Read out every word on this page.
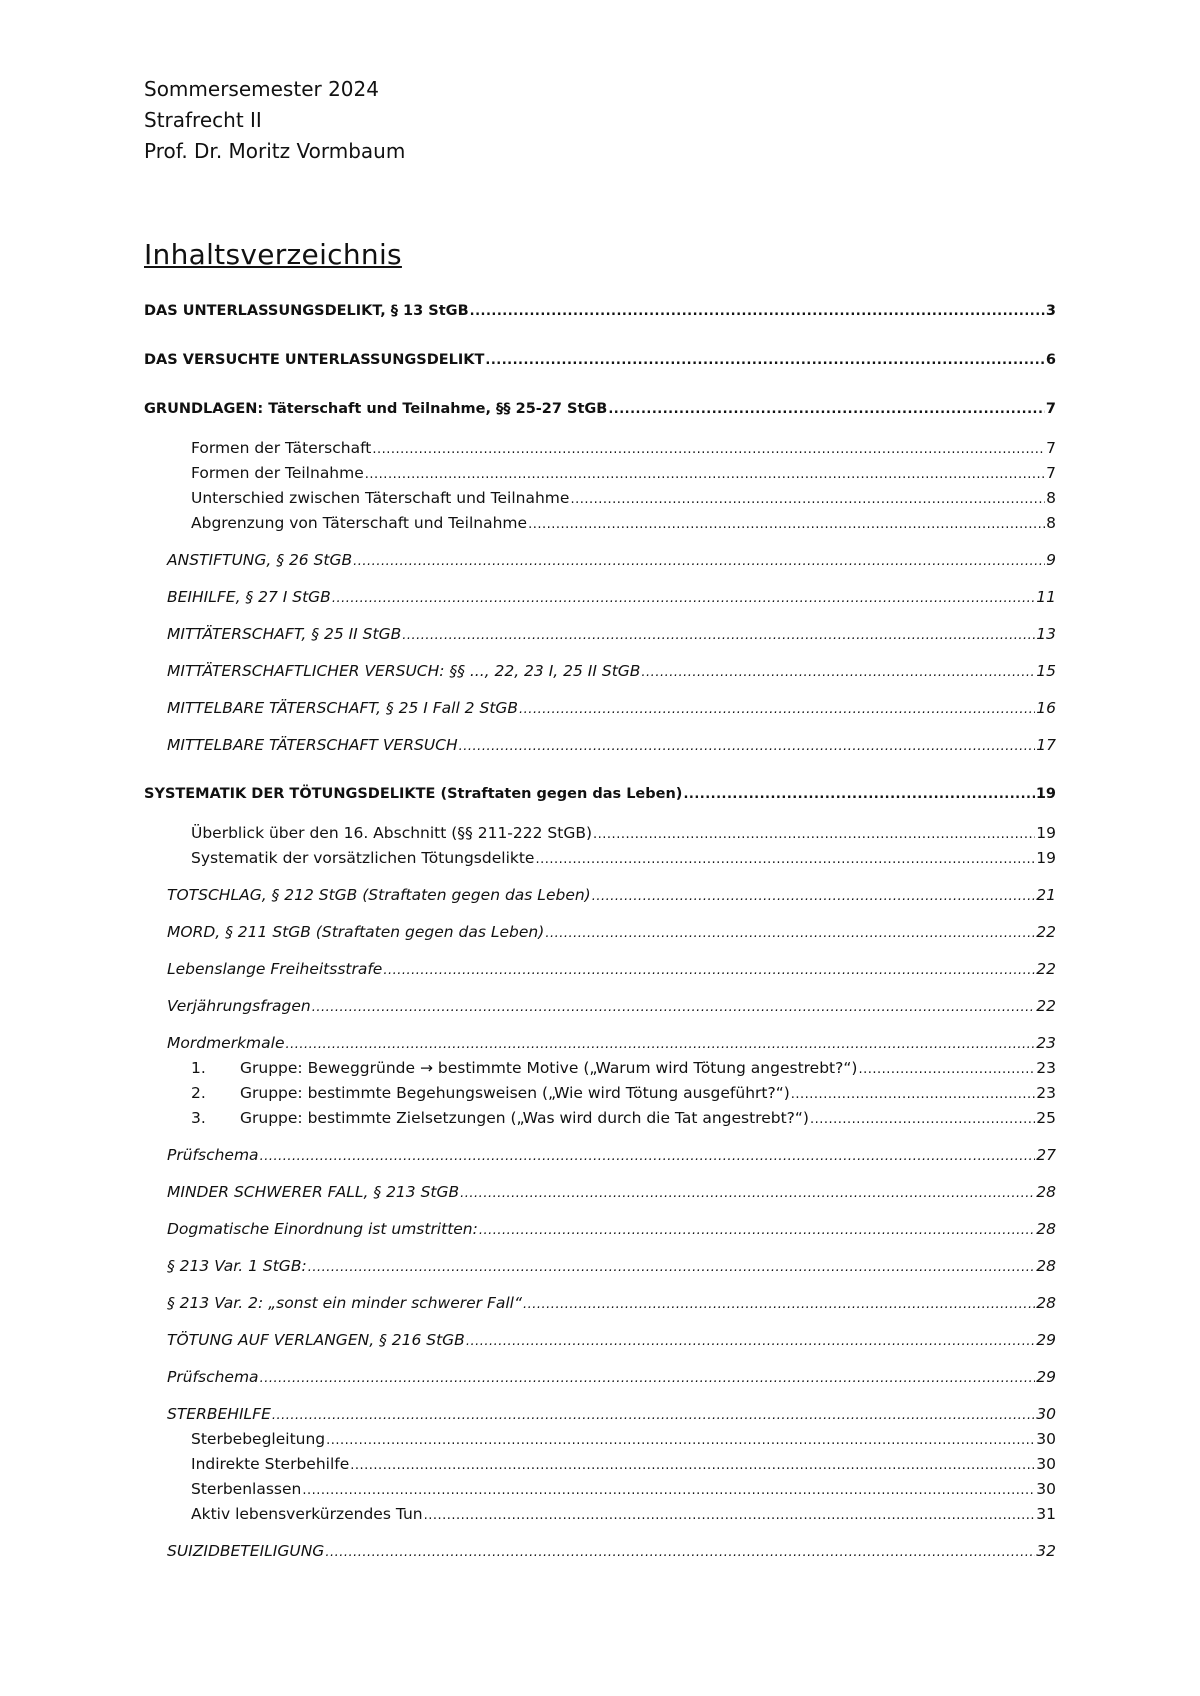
Sommersemester 2024
Strafrecht II
Prof. Dr. Moritz Vormbaum
Inhaltsverzeichnis
DAS UNTERLASSUNGSDELIKT, § 13 StGB .....	3
DAS VERSUCHTE UNTERLASSUNGSDELIKT .....	6
GRUNDLAGEN: Täterschaft und Teilnahme, §§ 25-27 StGB .....	7
Formen der Täterschaft .....	7
Formen der Teilnahme .....	7
Unterschied zwischen Täterschaft und Teilnahme .....	8
Abgrenzung von Täterschaft und Teilnahme .....	8
ANSTIFTUNG, § 26 StGB .....	9
BEIHILFE, § 27 I StGB .....	11
MITTÄTERSCHAFT, § 25 II StGB .....	13
MITTÄTERSCHAFTLICHER VERSUCH: §§ ..., 22, 23 I, 25 II StGB .....	15
MITTELBARE TÄTERSCHAFT, § 25 I Fall 2 StGB .....	16
MITTELBARE TÄTERSCHAFT VERSUCH .....	17
SYSTEMATIK DER TÖTUNGSDELIKTE (Straftaten gegen das Leben) .....	19
Überblick über den 16. Abschnitt (§§ 211-222 StGB) .....	19
Systematik der vorsätzlichen Tötungsdelikte .....	19
TOTSCHLAG, § 212 StGB (Straftaten gegen das Leben) .....	21
MORD, § 211 StGB (Straftaten gegen das Leben) .....	22
Lebenslange Freiheitsstrafe .....	22
Verjährungsfragen .....	22
Mordmerkmale .....	23
1. Gruppe: Beweggründe → bestimmte Motive („Warum wird Tötung angestrebt?“) .....	23
2. Gruppe: bestimmte Begehungsweisen („Wie wird Tötung ausgeführt?“) .....	23
3. Gruppe: bestimmte Zielsetzungen („Was wird durch die Tat angestrebt?“) .....	25
Prüfschema .....	27
MINDER SCHWERER FALL, § 213 StGB .....	28
Dogmatische Einordnung ist umstritten: .....	28
§ 213 Var. 1 StGB: .....	28
§ 213 Var. 2: „sonst ein minder schwerer Fall“ .....	28
TÖTUNG AUF VERLANGEN, § 216 StGB .....	29
Prüfschema .....	29
STERBEHILFE .....	30
Sterbebegleitung .....	30
Indirekte Sterbehilfe .....	30
Sterbenlassen .....	30
Aktiv lebensverkürzendes Tun .....	31
SUIZIDBETEILIGUNG .....	32
